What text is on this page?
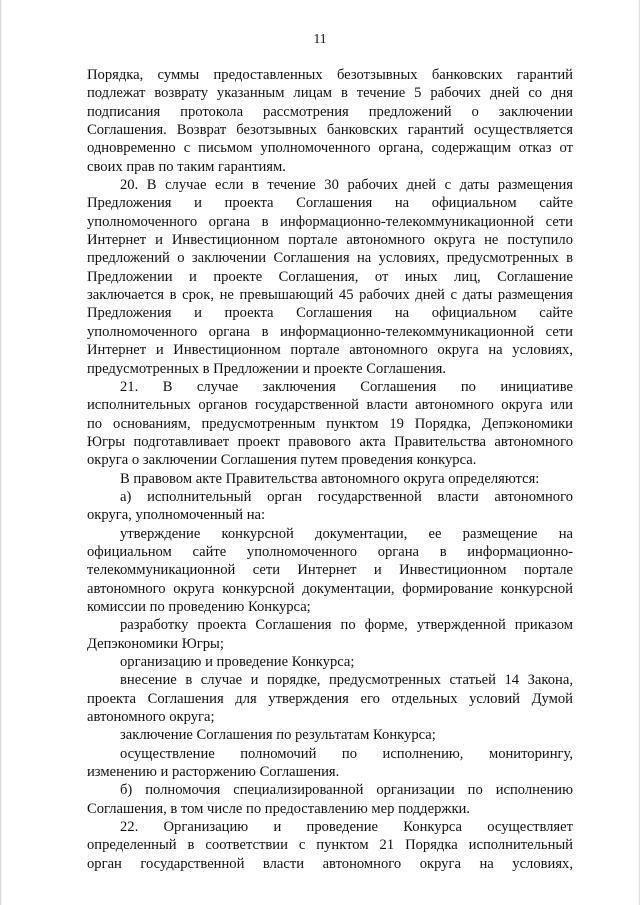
11

Порядка, суммы предоставленных безотзывных банковских гарантий

подлежат возврату указанным лицам в течение 5 рабочих дней со дня

подписания протокола рассмотрения предложений о заключении

Соглашения. Возврат безотзывных банковских гарантий осуществляется

одновременно с письмом уполномоченного органа, содержащим отказ от

своих прав по таким гарантиям.

20. В случае если в течение 30 рабочих дней с даты размещения

Предложения и проекта Соглашения на официальном сайте

уполномоченного органа в информационно-телекоммуникационной сети

Интернет и Инвестиционном портале автономного округа не поступило

предложений о заключении Соглашения на условиях, предусмотренных в

Предложении и проекте Соглашения, от иных лиц, Соглашение

заключается в срок, не превышающий 45 рабочих дней с даты размещения

Предложения и проекта Соглашения на официальном сайте

уполномоченного органа в информационно-телекоммуникационной сети

Интернет и Инвестиционном портале автономного округа на условиях,

предусмотренных в Предложении и проекте Соглашения.

21. В случае заключения Соглашения по инициативе

исполнительных органов государственной власти автономного округа или

по основаниям, предусмотренным пунктом 19 Порядка, Депэкономики

Югры подготавливает проект правового акта Правительства автономного

округа о заключении Соглашения путем проведения конкурса.

В правовом акте Правительства автономного округа определяются:

а) исполнительный орган государственной власти автономного

округа, уполномоченный на:

утверждение конкурсной документации, ее размещение на

официальном сайте уполномоченного органа в информационно-

телекоммуникационной сети Интернет и Инвестиционном портале

автономного округа конкурсной документации, формирование конкурсной

комиссии по проведению Конкурса;

разработку проекта Соглашения по форме, утвержденной приказом

Депэкономики Югры;

организацию и проведение Конкурса;

внесение в случае и порядке, предусмотренных статьей 14 Закона,

проекта Соглашения для утверждения его отдельных условий Думой

автономного округа;

заключение Соглашения по результатам Конкурса;

осуществление полномочий по исполнению, мониторингу,

изменению и расторжению Соглашения.

б) полномочия специализированной организации по исполнению

Соглашения, в том числе по предоставлению мер поддержки.

22. Организацию и проведение Конкурса осуществляет

определенный в соответствии с пунктом 21 Порядка исполнительный

орган государственной власти автономного округа на условиях,
